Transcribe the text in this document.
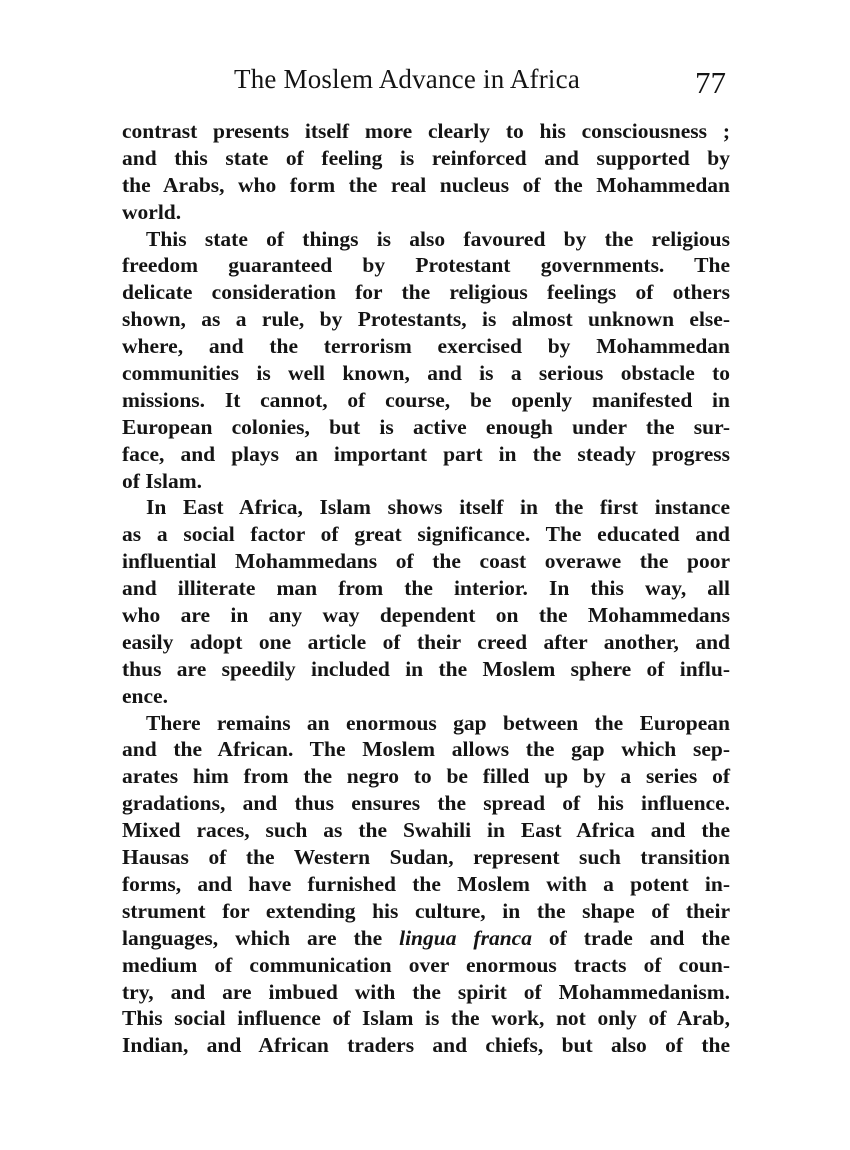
The Moslem Advance in Africa	77
contrast presents itself more clearly to his consciousness ;
and this state of feeling is reinforced and supported by
the Arabs, who form the real nucleus of the Mohammedan
world.
This state of things is also favoured by the religious
freedom guaranteed by Protestant governments. The
delicate consideration for the religious feelings of others
shown, as a rule, by Protestants, is almost unknown else-
where, and the terrorism exercised by Mohammedan
communities is well known, and is a serious obstacle to
missions. It cannot, of course, be openly manifested in
European colonies, but is active enough under the sur-
face, and plays an important part in the steady progress
of Islam.
In East Africa, Islam shows itself in the first instance
as a social factor of great significance. The educated and
influential Mohammedans of the coast overawe the poor
and illiterate man from the interior. In this way, all
who are in any way dependent on the Mohammedans
easily adopt one article of their creed after another, and
thus are speedily included in the Moslem sphere of influ-
ence.
There remains an enormous gap between the European
and the African. The Moslem allows the gap which sep-
arates him from the negro to be filled up by a series of
gradations, and thus ensures the spread of his influence.
Mixed races, such as the Swahili in East Africa and the
Hausas of the Western Sudan, represent such transition
forms, and have furnished the Moslem with a potent in-
strument for extending his culture, in the shape of their
languages, which are the lingua franca of trade and the
medium of communication over enormous tracts of coun-
try, and are imbued with the spirit of Mohammedanism.
This social influence of Islam is the work, not only of Arab,
Indian, and African traders and chiefs, but also of the
